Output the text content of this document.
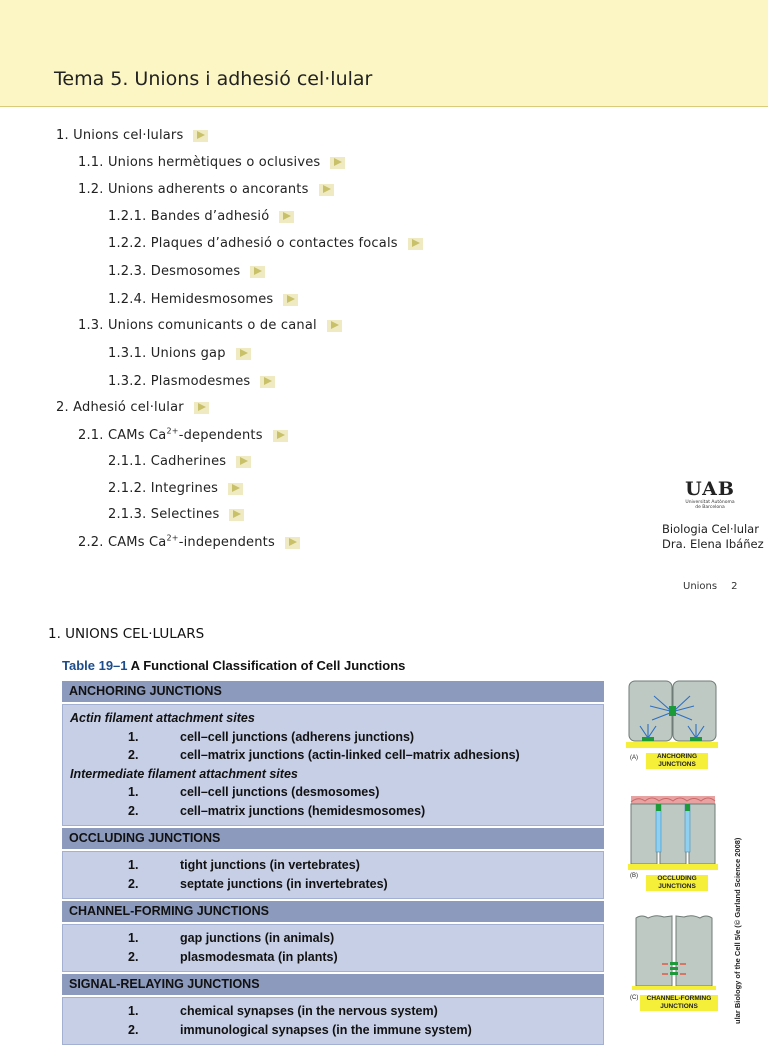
Tema 5. Unions i adhesió cel·lular
1. Unions cel·lulars
1.1. Unions hermètiques o oclusives
1.2. Unions adherents o ancorants
1.2.1. Bandes d’adhesió
1.2.2. Plaques d’adhesió o contactes focals
1.2.3. Desmosomes
1.2.4. Hemidesmosomes
1.3. Unions comunicants o de canal
1.3.1. Unions gap
1.3.2. Plasmodesmes
2. Adhesió cel·lular
2.1. CAMs $Ca^{2+}$-dependents
2.1.1. Cadherines
2.1.2. Integrines
2.1.3. Selectines
2.2. CAMs $Ca^{2+}$-independents
UAB
Universitat Autònoma
de Barcelona
Biologia Cel·lular
Dra. Elena Ibáñez
Unions 2
1. UNIONS CEL·LULARS
Table 19–1 A Functional Classification of Cell Junctions
ANCHORING JUNCTIONS
Actin filament attachment sites
1.	cell–cell junctions (adherens junctions)
2.	cell–matrix junctions (actin-linked cell–matrix adhesions)
Intermediate filament attachment sites
1.	cell–cell junctions (desmosomes)
2.	cell–matrix junctions (hemidesmosomes)
OCCLUDING JUNCTIONS
1.	tight junctions (in vertebrates)
2.	septate junctions (in invertebrates)
CHANNEL-FORMING JUNCTIONS
1.	gap junctions (in animals)
2.	plasmodesmata (in plants)
SIGNAL-RELAYING JUNCTIONS
1.	chemical synapses (in the nervous system)
2.	immunological synapses (in the immune system)
(A)	ANCHORING
JUNCTIONS
(B)	OCCLUDING
JUNCTIONS
(C)	CHANNEL-FORMING
JUNCTIONS	ular Biology of the Cell 5/e (© Garland Science 2008)
